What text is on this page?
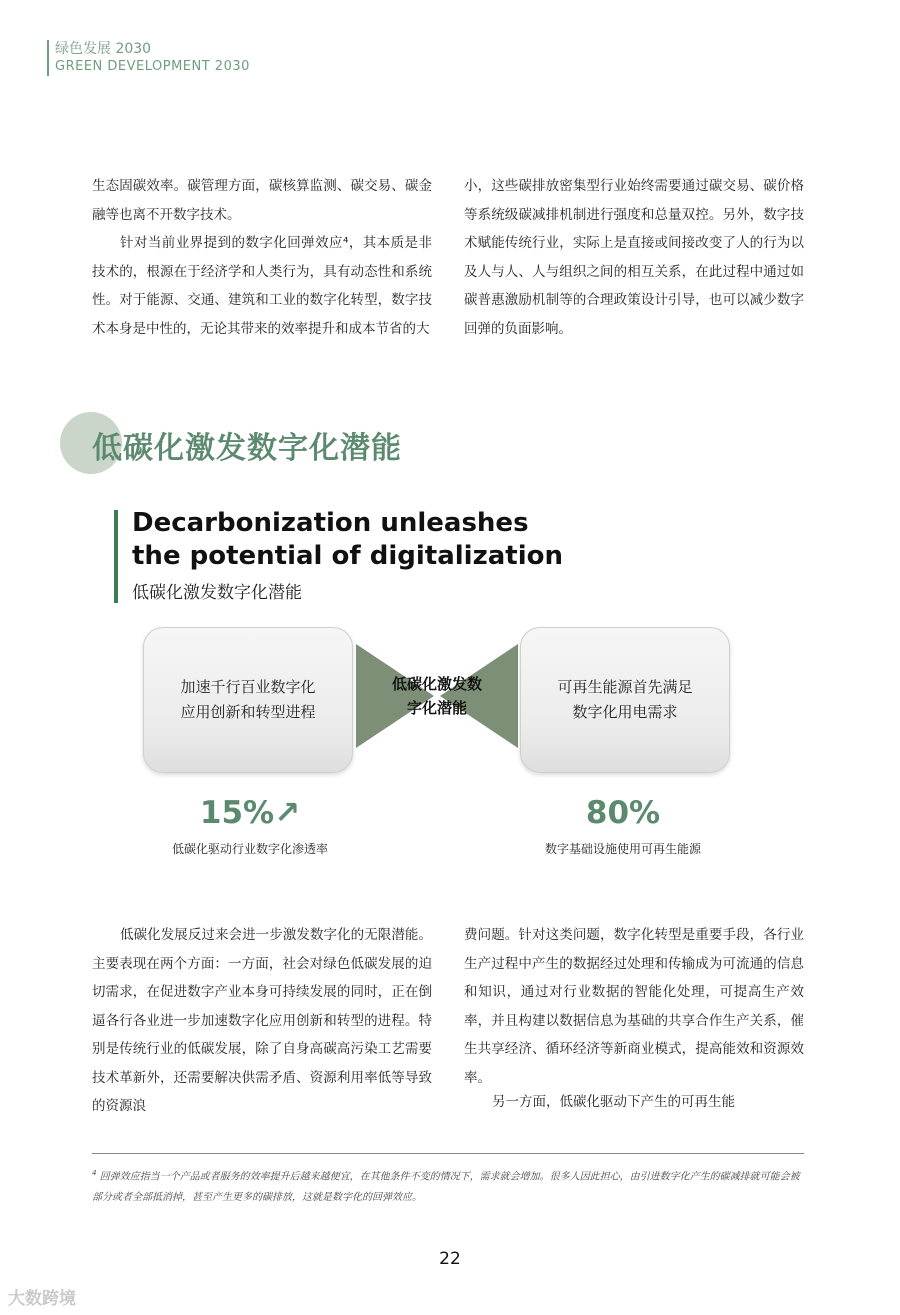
绿色发展 2030
GREEN DEVELOPMENT 2030

生态固碳效率。碳管理方面，碳核算监测、碳交易、碳金融等也离不开数字技术。

针对当前业界提到的数字化回弹效应⁴，其本质是非技术的，根源在于经济学和人类行为，具有动态性和系统性。对于能源、交通、建筑和工业的数字化转型，数字技术本身是中性的，无论其带来的效率提升和成本节省的大

小，这些碳排放密集型行业始终需要通过碳交易、碳价格等系统级碳减排机制进行强度和总量双控。另外，数字技术赋能传统行业，实际上是直接或间接改变了人的行为以及人与人、人与组织之间的相互关系，在此过程中通过如碳普惠激励机制等的合理政策设计引导，也可以减少数字回弹的负面影响。

低碳化激发数字化潜能
Decarbonization unleashes
the potential of digitalization
低碳化激发数字化潜能
加速千行百业数字化
应用创新和转型进程
低碳化激发数
字化潜能
可再生能源首先满足
数字化用电需求
15%↗
低碳化驱动行业数字化渗透率
80%
数字基础设施使用可再生能源

低碳化发展反过来会进一步激发数字化的无限潜能。主要表现在两个方面：一方面，社会对绿色低碳发展的迫切需求，在促进数字产业本身可持续发展的同时，正在倒逼各行各业进一步加速数字化应用创新和转型的进程。特别是传统行业的低碳发展，除了自身高碳高污染工艺需要技术革新外，还需要解决供需矛盾、资源利用率低等导致的资源浪

费问题。针对这类问题，数字化转型是重要手段，各行业生产过程中产生的数据经过处理和传输成为可流通的信息和知识，通过对行业数据的智能化处理，可提高生产效率，并且构建以数据信息为基础的共享合作生产关系，催生共享经济、循环经济等新商业模式，提高能效和资源效率。

另一方面，低碳化驱动下产生的可再生能

$^4$ 回弹效应指当一个产品或者服务的效率提升后越来越便宜，在其他条件不变的情况下，需求就会增加。很多人因此担心，由引进数字化产生的碳减排就可能会被部分或者全部抵消掉，甚至产生更多的碳排放，这就是数字化的回弹效应。
22
大数跨境
